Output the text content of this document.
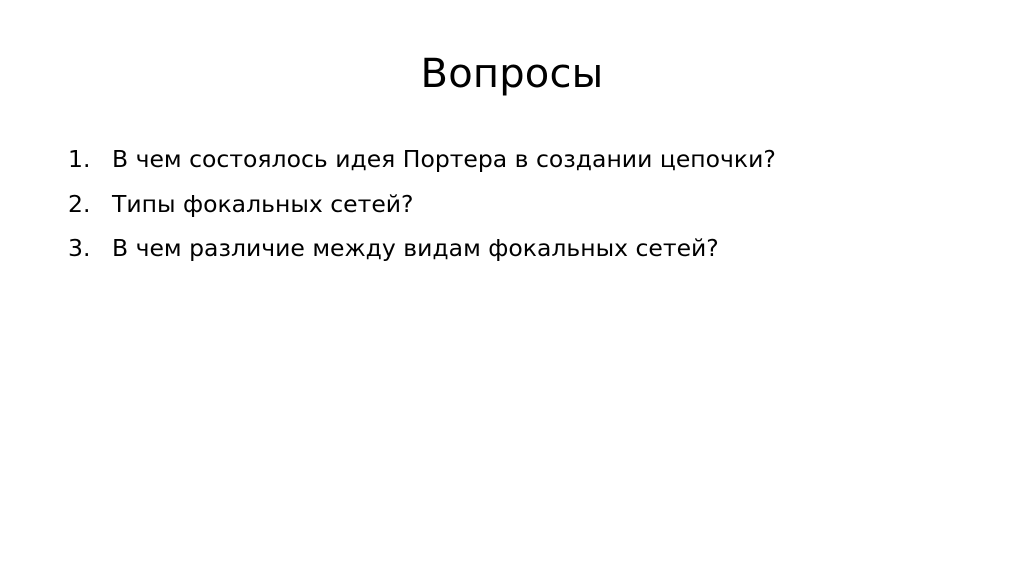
Вопросы
1. В чем состоялось идея Портера в создании цепочки?
2. Типы фокальных сетей?
3. В чем различие между видам фокальных сетей?
